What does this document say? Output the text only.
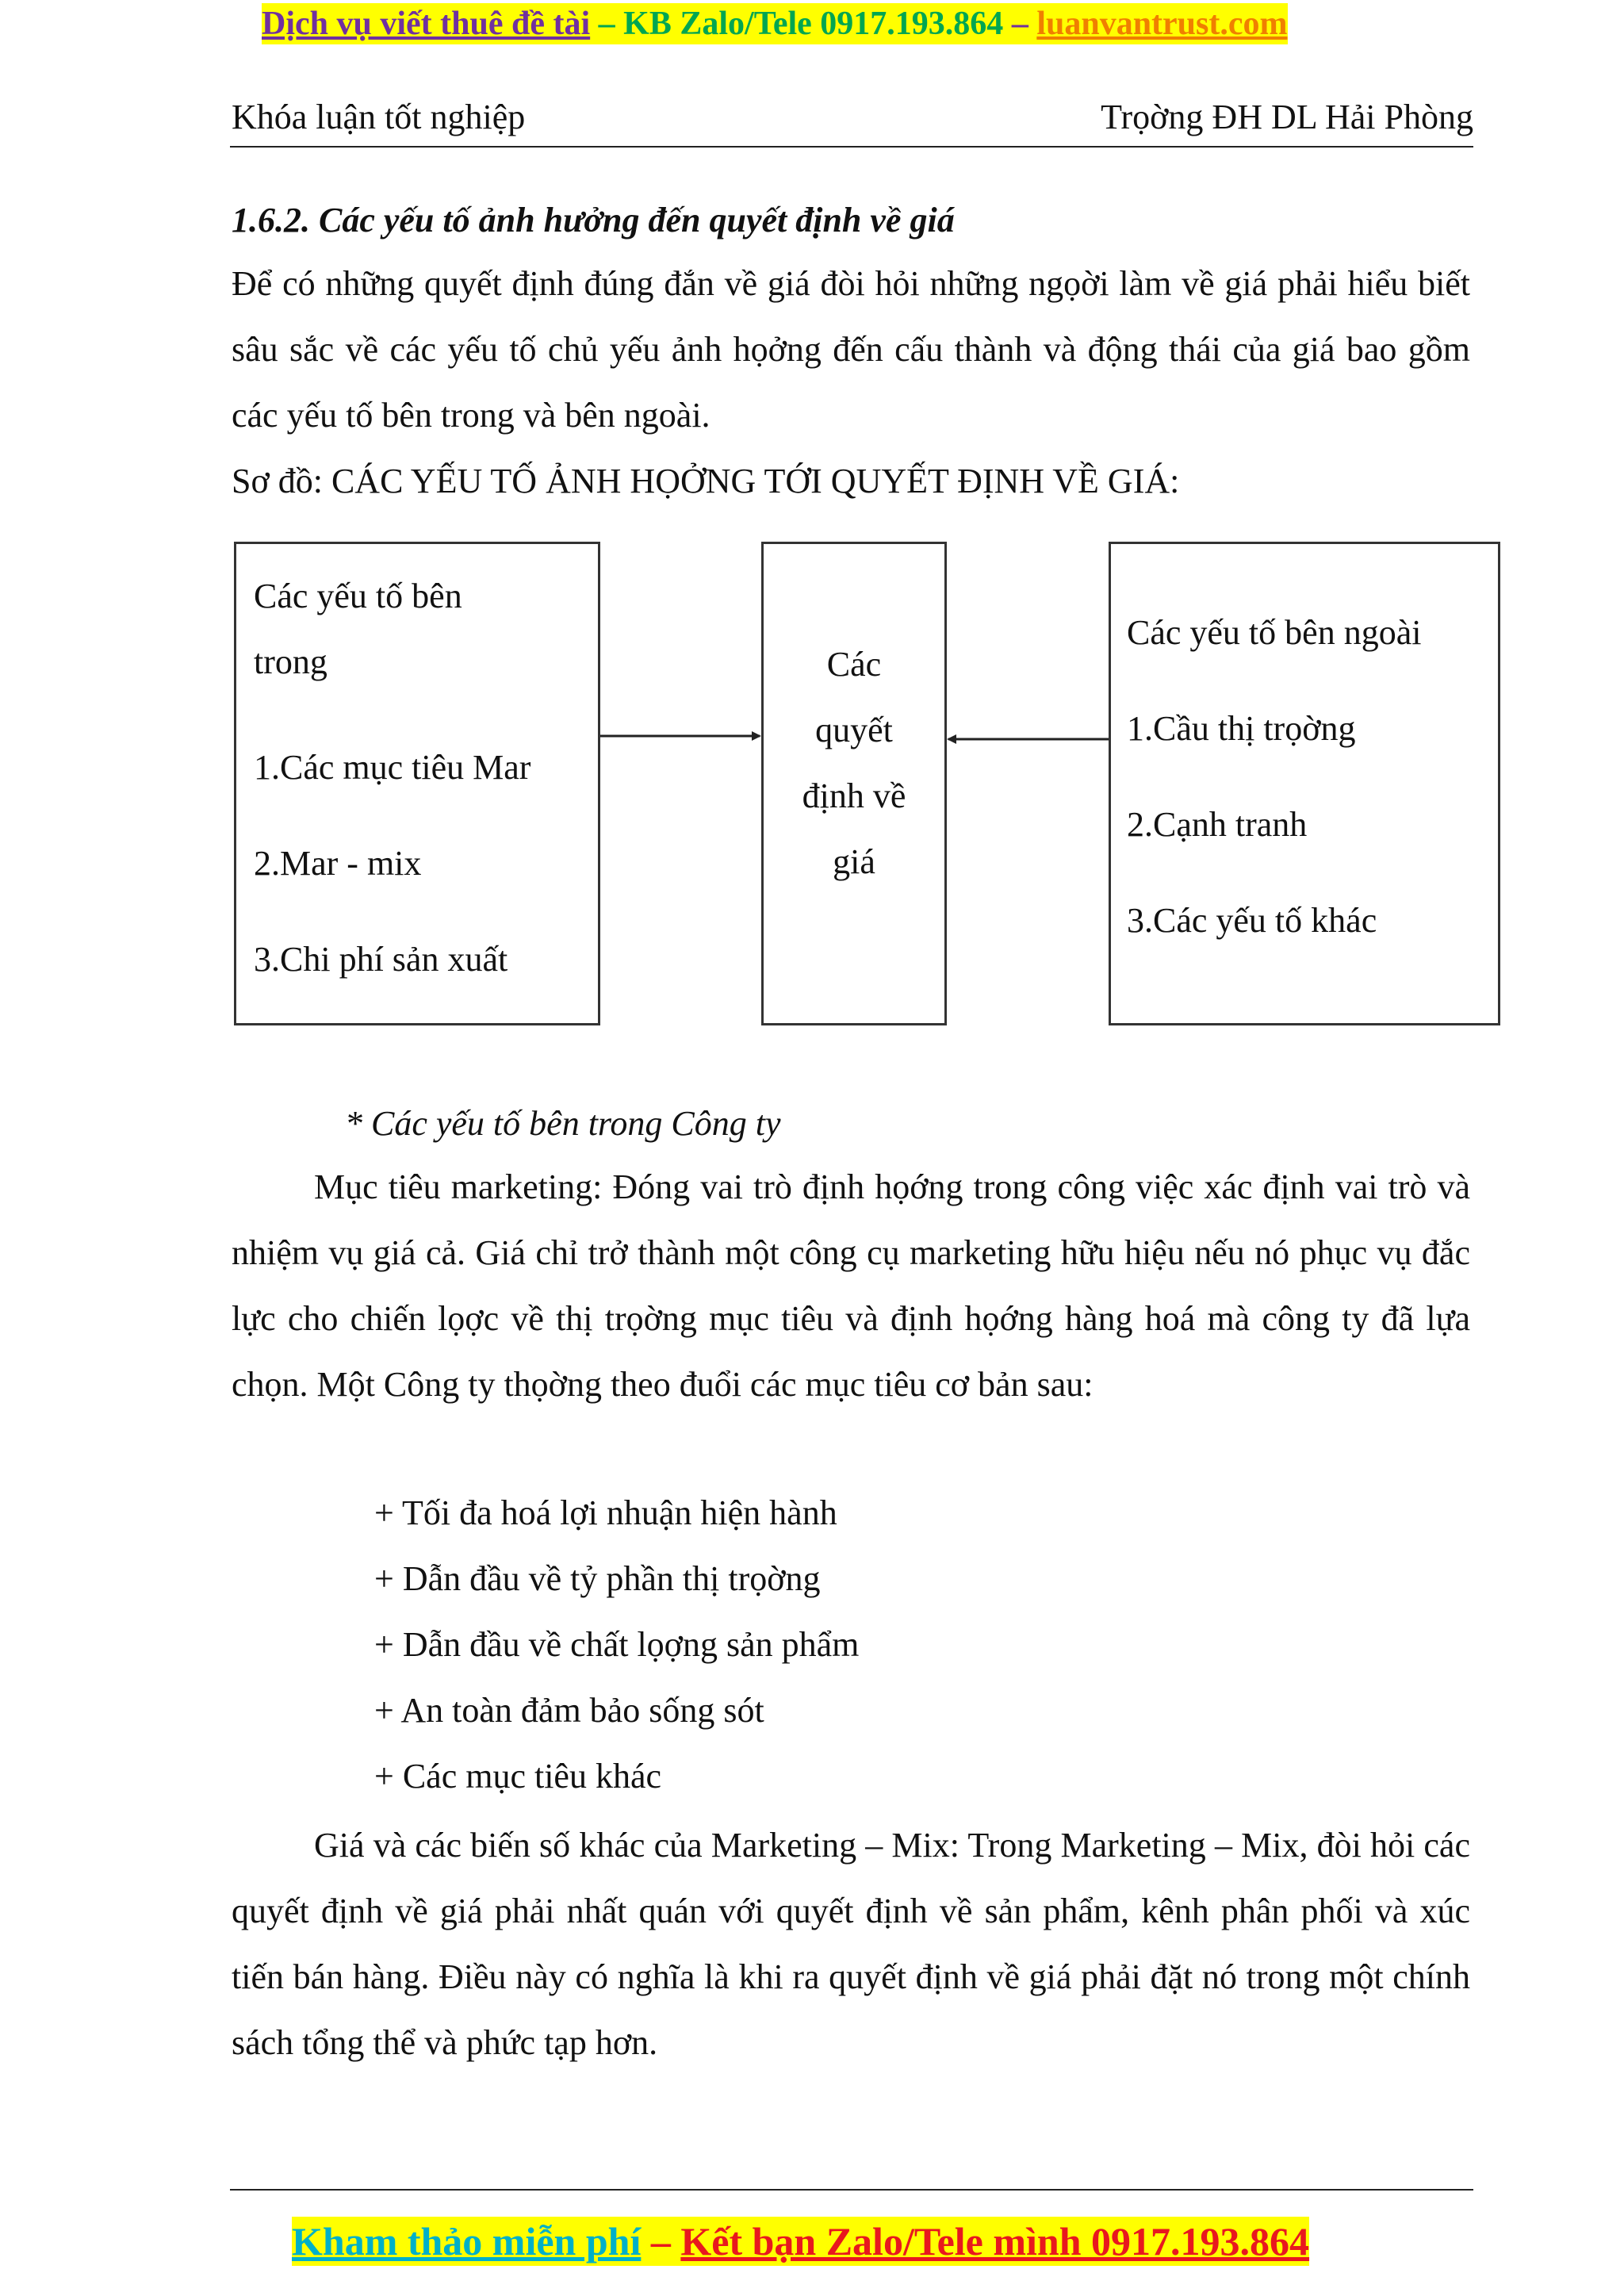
Dịch vụ viết thuê đề tài – KB Zalo/Tele 0917.193.864 – luanvantrust.com
Khóa luận tốt nghiệp	Trọờng ĐH DL Hải Phòng
1.6.2. Các yếu tố ảnh hưởng đến quyết định về giá
Để có những quyết định đúng đắn về giá đòi hỏi những ngọời làm về giá phải hiểu biết sâu sắc về các yếu tố chủ yếu ảnh họởng đến cấu thành và động thái của giá bao gồm các yếu tố bên trong và bên ngoài.
Sơ đồ: CÁC YẾU TỐ ẢNH HỌỞNG TỚI QUYẾT ĐỊNH VỀ GIÁ:
Các yếu tố bên
trong
1.Các mục tiêu Mar
2.Mar - mix
3.Chi phí sản xuất
Các
quyết
định về
giá
Các yếu tố bên ngoài
1.Cầu thị trọờng
2.Cạnh tranh
3.Các yếu tố khác
* Các yếu tố bên trong Công ty
Mục tiêu marketing: Đóng vai trò định họớng trong công việc xác định vai trò và nhiệm vụ giá cả. Giá chỉ trở thành một công cụ marketing hữu hiệu nếu nó phục vụ đắc lực cho chiến lọợc về thị trọờng mục tiêu và định họớng hàng hoá mà công ty đã lựa chọn. Một Công ty thọờng theo đuổi các mục tiêu cơ bản sau:
+ Tối đa hoá lợi nhuận hiện hành
+ Dẫn đầu về tỷ phần thị trọờng
+ Dẫn đầu về chất lọợng sản phẩm
+ An toàn đảm bảo sống sót
+ Các mục tiêu khác
Giá và các biến số khác của Marketing – Mix: Trong Marketing – Mix, đòi hỏi các quyết định về giá phải nhất quán với quyết định về sản phẩm, kênh phân phối và xúc tiến bán hàng. Điều này có nghĩa là khi ra quyết định về giá phải đặt nó trong một chính sách tổng thể và phức tạp hơn.
Kham thảo miễn phí – Kết bạn Zalo/Tele mình 0917.193.864
